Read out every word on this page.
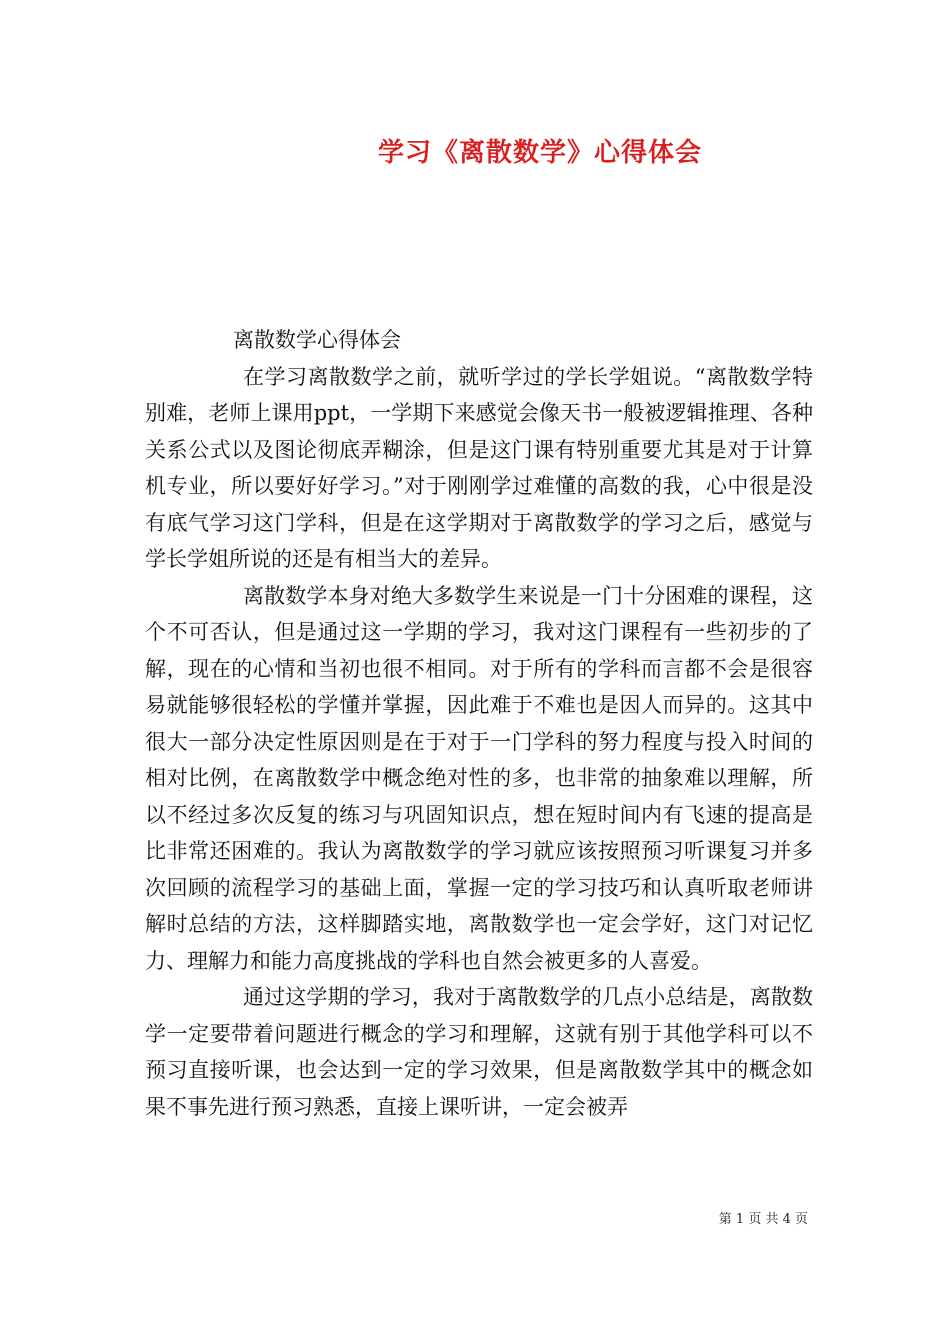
学习《离散数学》心得体会

离散数学心得体会

在学习离散数学之前，就听学过的学长学姐说。“离散数学特别难，老师上课用ppt，一学期下来感觉会像天书一般被逻辑推理、各种关系公式以及图论彻底弄糊涂，但是这门课有特别重要尤其是对于计算机专业，所以要好好学习。”对于刚刚学过难懂的高数的我，心中很是没有底气学习这门学科，但是在这学期对于离散数学的学习之后，感觉与学长学姐所说的还是有相当大的差异。

离散数学本身对绝大多数学生来说是一门十分困难的课程，这个不可否认，但是通过这一学期的学习，我对这门课程有一些初步的了解，现在的心情和当初也很不相同。对于所有的学科而言都不会是很容易就能够很轻松的学懂并掌握，因此难于不难也是因人而异的。这其中很大一部分决定性原因则是在于对于一门学科的努力程度与投入时间的相对比例，在离散数学中概念绝对性的多，也非常的抽象难以理解，所以不经过多次反复的练习与巩固知识点，想在短时间内有飞速的提高是比非常还困难的。我认为离散数学的学习就应该按照预习听课复习并多次回顾的流程学习的基础上面，掌握一定的学习技巧和认真听取老师讲解时总结的方法，这样脚踏实地，离散数学也一定会学好，这门对记忆力、理解力和能力高度挑战的学科也自然会被更多的人喜爱。

通过这学期的学习，我对于离散数学的几点小总结是，离散数学一定要带着问题进行概念的学习和理解，这就有别于其他学科可以不预习直接听课，也会达到一定的学习效果，但是离散数学其中的概念如果不事先进行预习熟悉，直接上课听讲，一定会被弄

第 1 页 共 4 页
